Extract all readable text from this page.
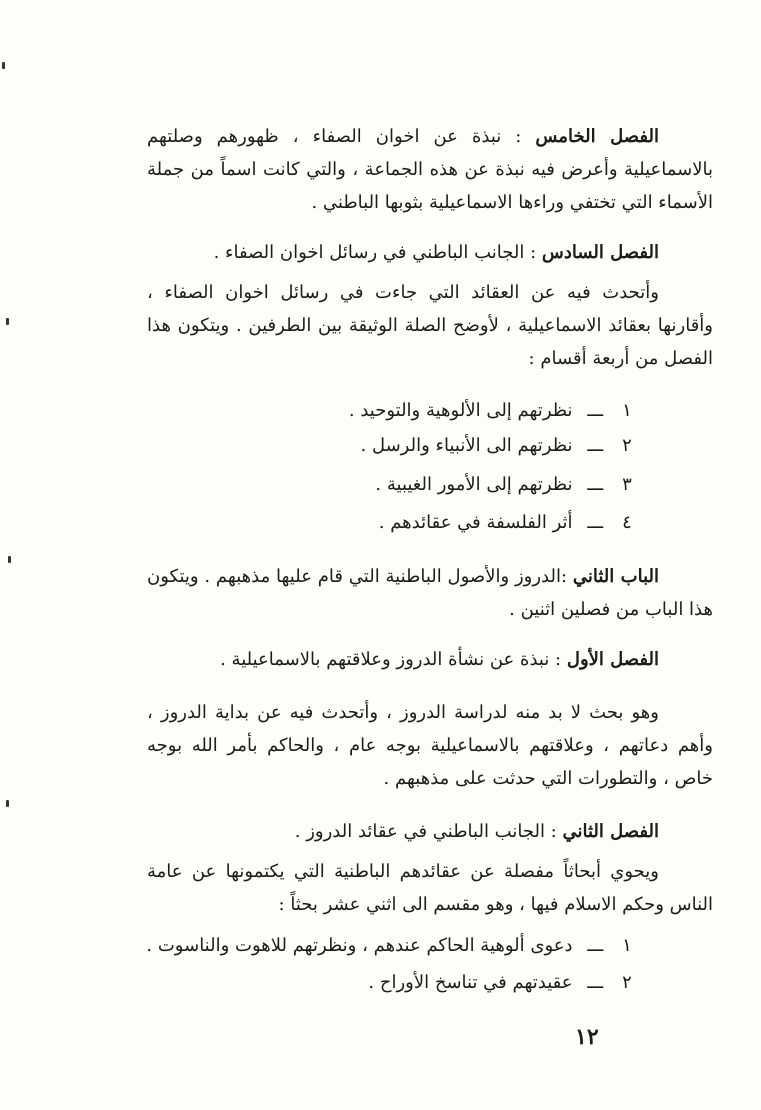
الفصل الخامس : نبذة عن اخوان الصفاء ، ظهورهم وصلتهم بالاسماعيلية وأعرض فيه نبذة عن هذه الجماعة ، والتي كانت اسماً من جملة الأسماء التي تختفي وراءها الاسماعيلية بثوبها الباطني .

الفصل السادس : الجانب الباطني في رسائل اخوان الصفاء .

وأتحدث فيه عن العقائد التي جاءت في رسائل اخوان الصفاء ، وأقارنها بعقائد الاسماعيلية ، لأوضح الصلة الوثيقة بين الطرفين . ويتكون هذا الفصل من أربعة أقسام :

١ ـــ نظرتهم إلى الألوهية والتوحيد .

٢ ـــ نظرتهم الى الأنبياء والرسل .

٣ ـــ نظرتهم إلى الأمور الغيبية .

٤ ـــ أثر الفلسفة في عقائدهم .

الباب الثاني :الدروز والأصول الباطنية التي قام عليها مذهبهم . ويتكون هذا الباب من فصلين اثنين .

الفصل الأول : نبذة عن نشأة الدروز وعلاقتهم بالاسماعيلية .

وهو بحث لا بد منه لدراسة الدروز ، وأتحدث فيه عن بداية الدروز ، وأهم دعاتهم ، وعلاقتهم بالاسماعيلية بوجه عام ، والحاكم بأمر الله بوجه خاص ، والتطورات التي حدثت على مذهبهم .

الفصل الثاني : الجانب الباطني في عقائد الدروز .

ويحوي أبحاثاً مفصلة عن عقائدهم الباطنية التي يكتمونها عن عامة الناس وحكم الاسلام فيها ، وهو مقسم الى اثني عشر بحثاً :

١ ـــ دعوى ألوهية الحاكم عندهم ، ونظرتهم للاهوت والناسوت .

٢ ـــ عقيدتهم في تناسخ الأوراح .

١٢
